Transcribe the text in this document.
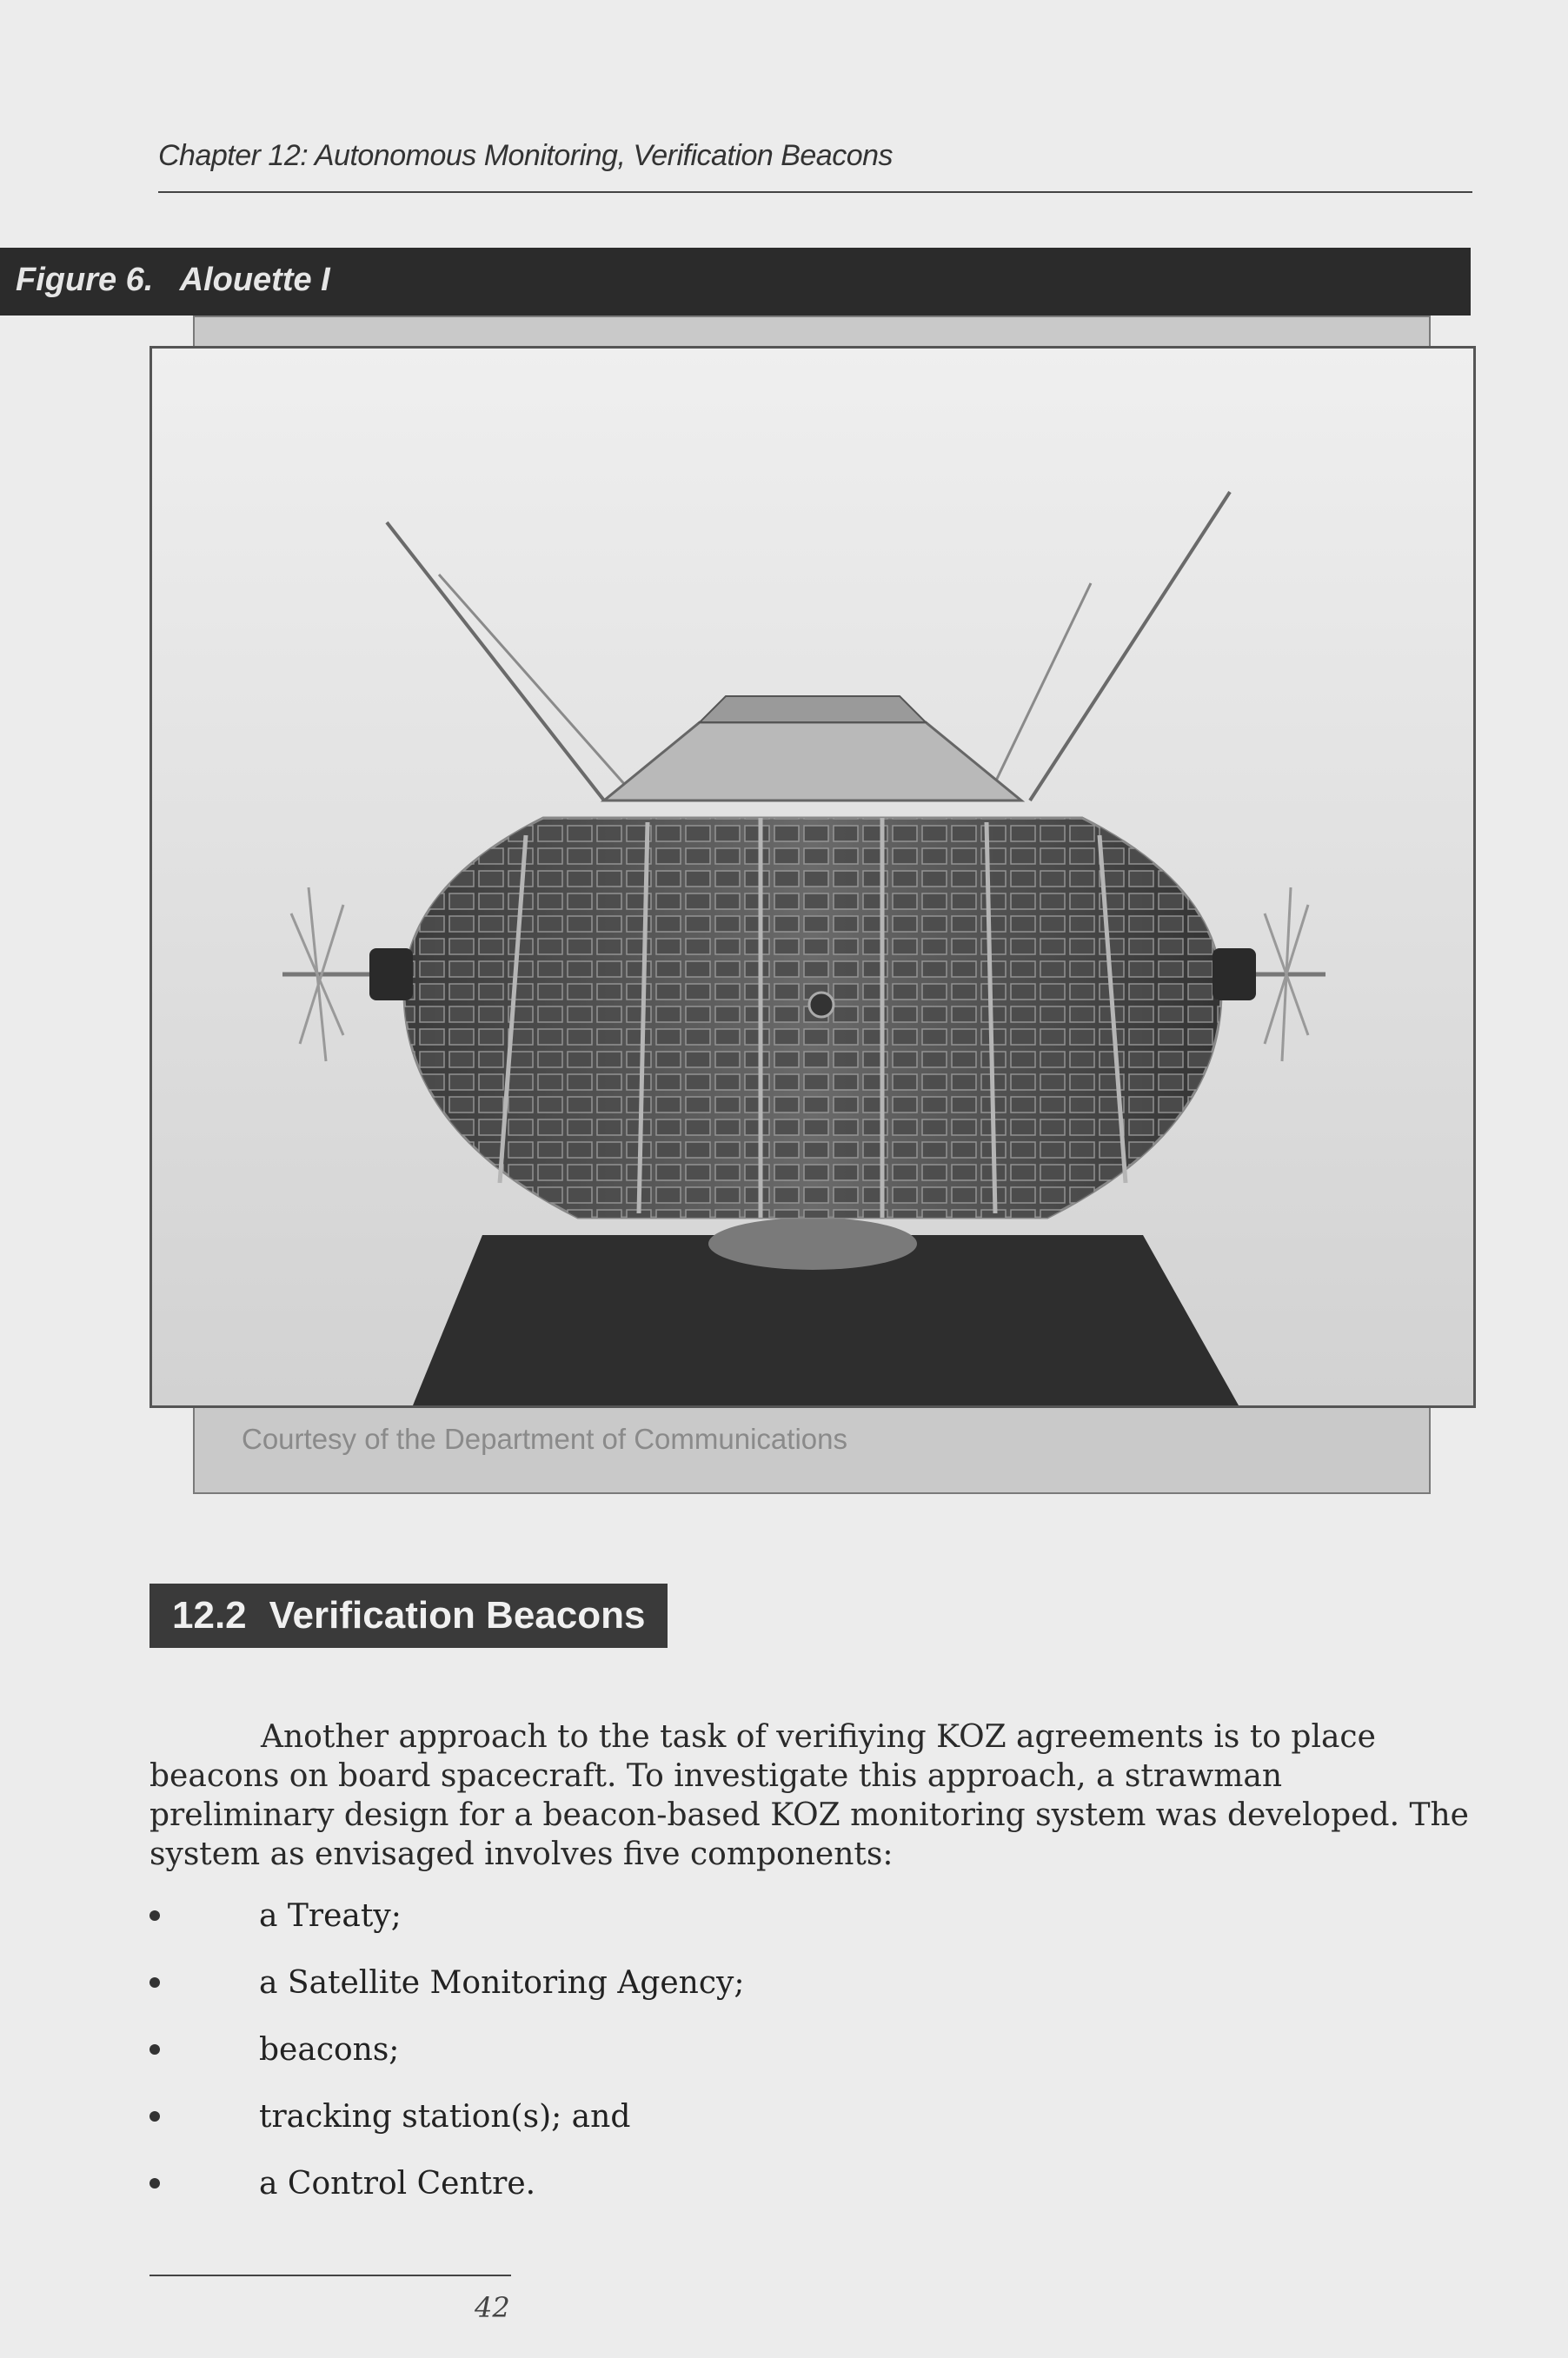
Chapter 12: Autonomous Monitoring, Verification Beacons
Figure 6.   Alouette I
Courtesy of the Department of Communications
12.2 Verification Beacons

Another approach to the task of verifiying KOZ agreements is to place beacons on board spacecraft. To investigate this approach, a strawman preliminary design for a beacon-based KOZ monitoring system was developed. The system as envisaged involves five components:

a Treaty;
a Satellite Monitoring Agency;
beacons;
tracking station(s); and
a Control Centre.
42
